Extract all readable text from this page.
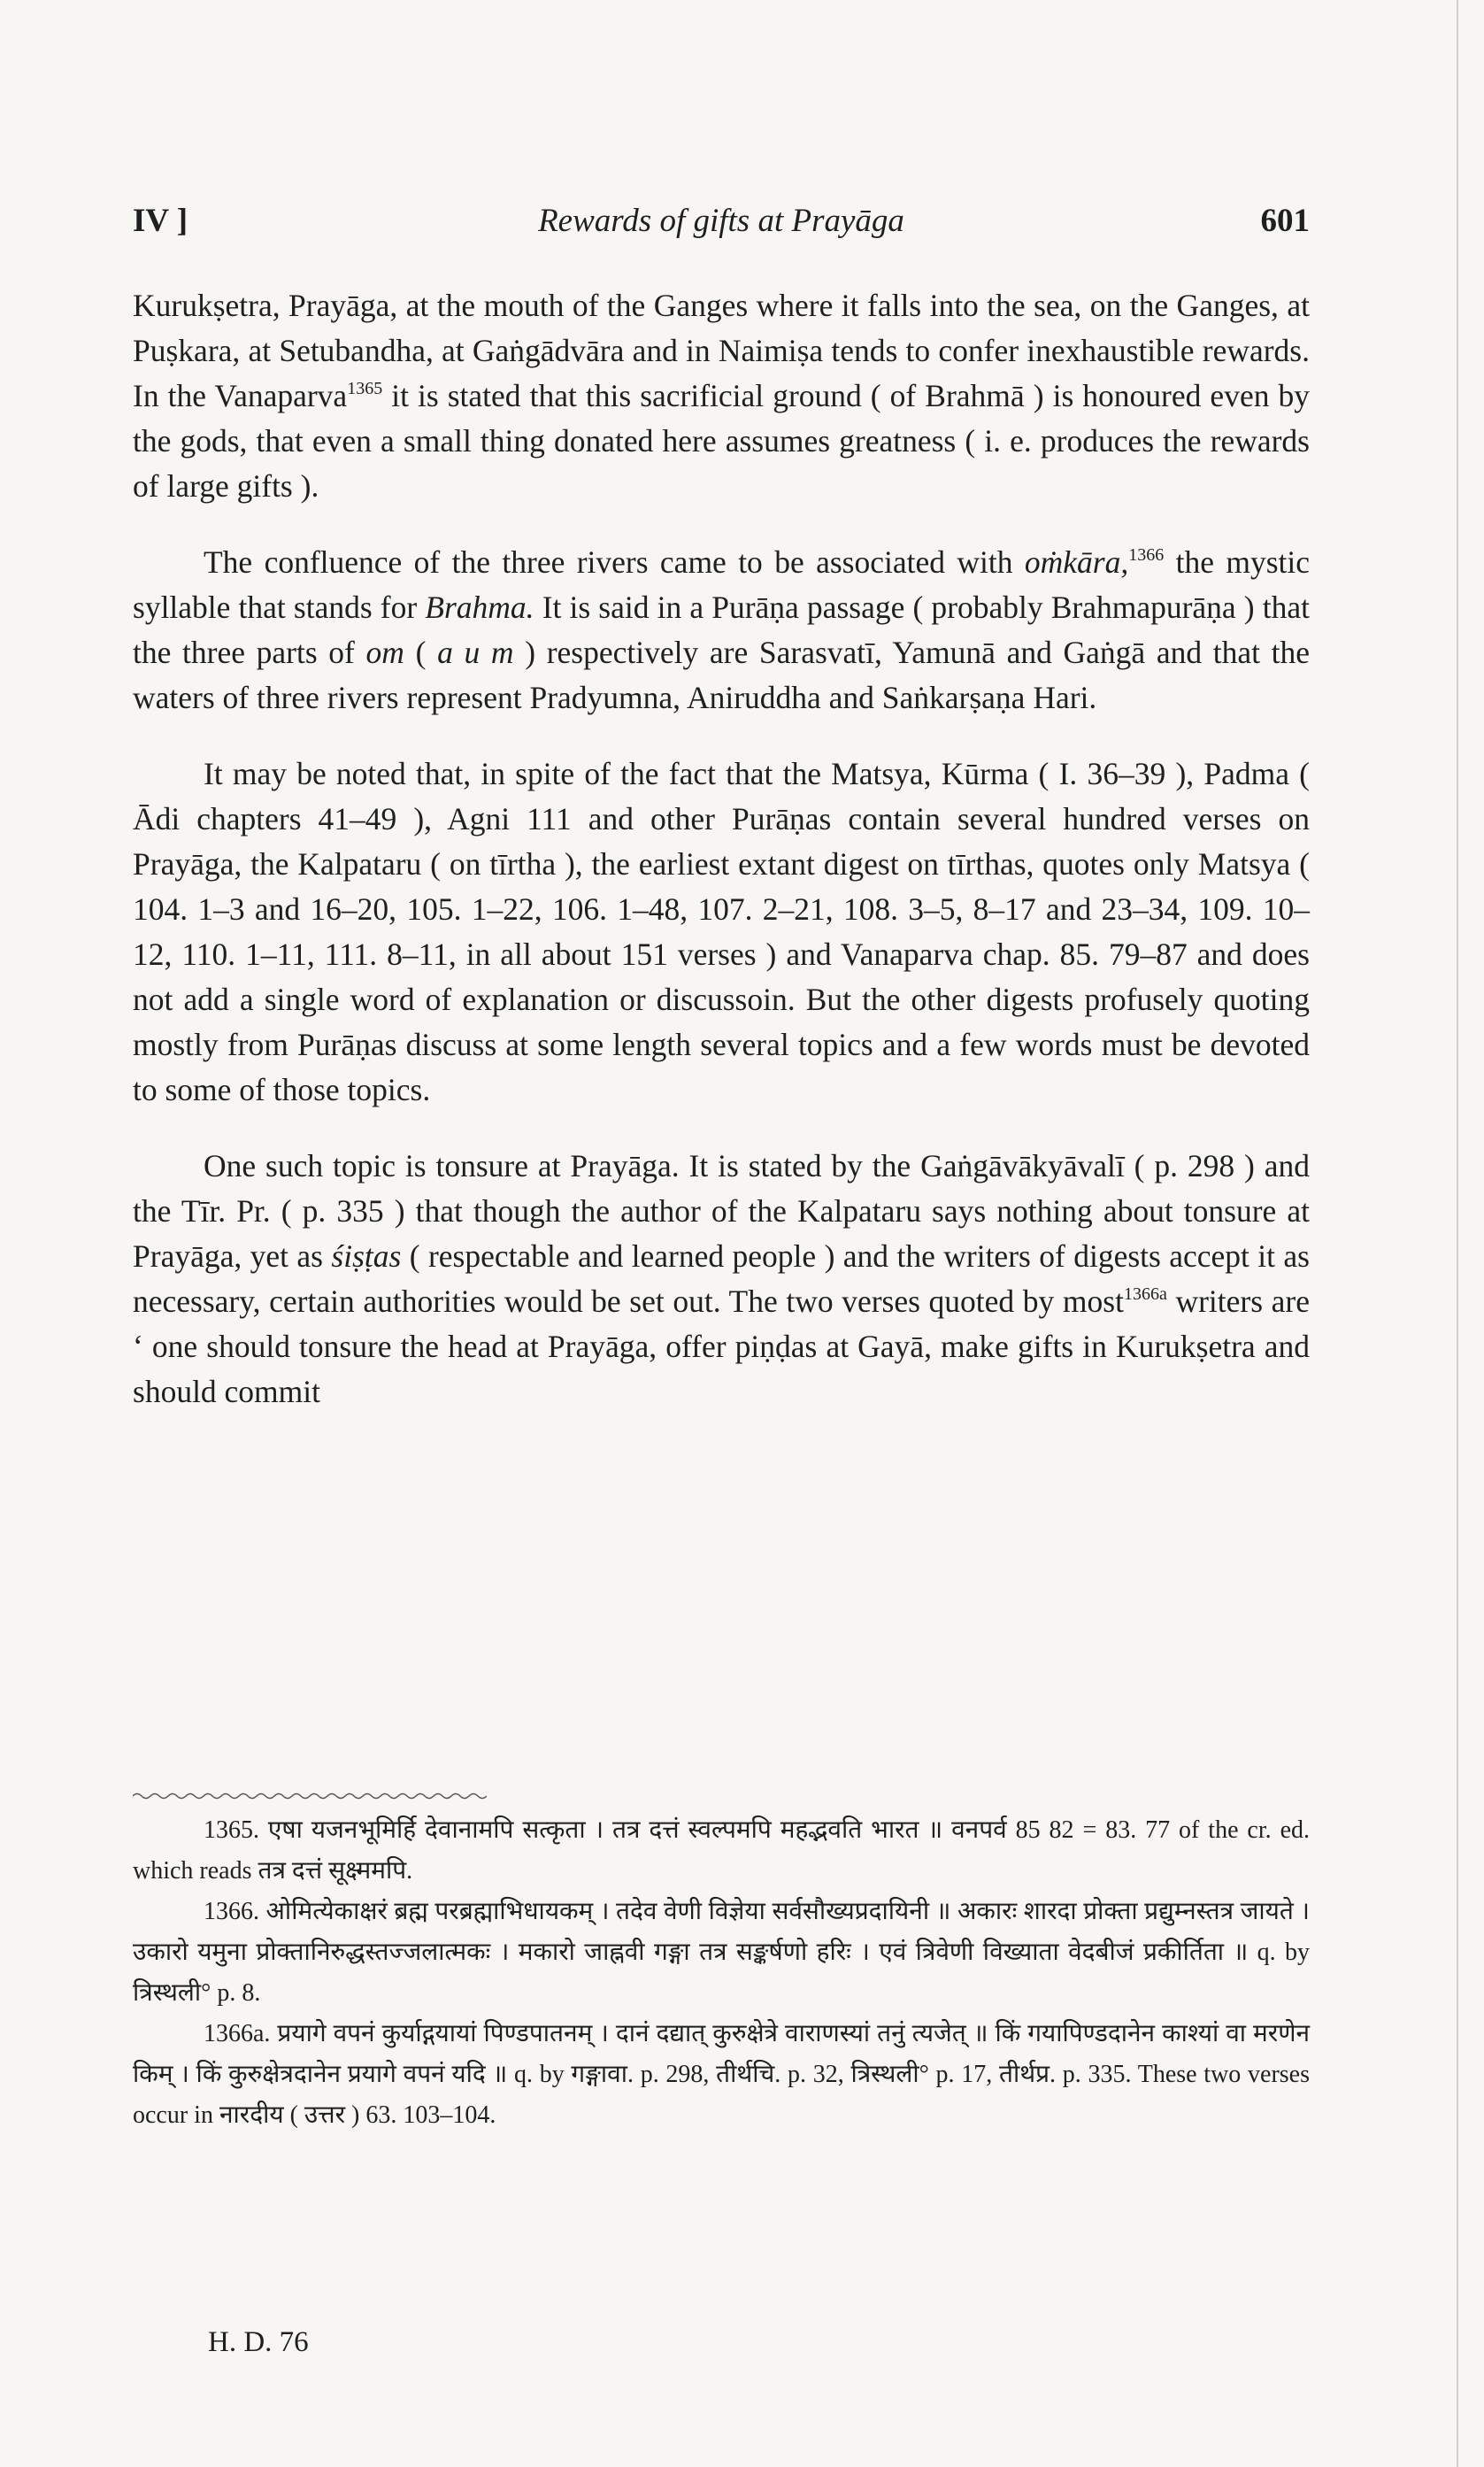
IV ]	Rewards of gifts at Prayāga	601

Kurukṣetra, Prayāga, at the mouth of the Ganges where it falls into the sea, on the Ganges, at Puṣkara, at Setubandha, at Gaṅgādvāra and in Naimiṣa tends to confer inexhaustible rewards. In the Vanaparva$^{1365}$ it is stated that this sacrificial ground ( of Brahmā ) is honoured even by the gods, that even a small thing donated here assumes greatness ( i. e. produces the rewards of large gifts ).

The confluence of the three rivers came to be associated with oṁkāra,$^{1366}$ the mystic syllable that stands for Brahma. It is said in a Purāṇa passage ( probably Brahmapurāṇa ) that the three parts of om ( a u m ) respectively are Sarasvatī, Yamunā and Gaṅgā and that the waters of three rivers represent Pradyumna, Aniruddha and Saṅkarṣaṇa Hari.

It may be noted that, in spite of the fact that the Matsya, Kūrma ( I. 36–39 ), Padma ( Ādi chapters 41–49 ), Agni 111 and other Purāṇas contain several hundred verses on Prayāga, the Kalpataru ( on tīrtha ), the earliest extant digest on tīrthas, quotes only Matsya ( 104. 1–3 and 16–20, 105. 1–22, 106. 1–48, 107. 2–21, 108. 3–5, 8–17 and 23–34, 109. 10–12, 110. 1–11, 111. 8–11, in all about 151 verses ) and Vanaparva chap. 85. 79–87 and does not add a single word of explanation or discussoin. But the other digests profusely quoting mostly from Purāṇas discuss at some length several topics and a few words must be devoted to some of those topics.

One such topic is tonsure at Prayāga. It is stated by the Gaṅgāvākyāvalī ( p. 298 ) and the Tīr. Pr. ( p. 335 ) that though the author of the Kalpataru says nothing about tonsure at Prayāga, yet as śiṣṭas ( respectable and learned people ) and the writers of digests accept it as necessary, certain authorities would be set out. The two verses quoted by most$^{1366a}$ writers are ‘ one should tonsure the head at Prayāga, offer piṇḍas at Gayā, make gifts in Kurukṣetra and should commit

1365. एषा यजनभूमिर्हि देवानामपि सत्कृता । तत्र दत्तं स्वल्पमपि महद्भवति भारत ॥ वनपर्व 85 82 = 83. 77 of the cr. ed. which reads तत्र दत्तं सूक्ष्ममपि.

1366. ओमित्येकाक्षरं ब्रह्म परब्रह्माभिधायकम् । तदेव वेणी विज्ञेया सर्वसौख्यप्रदायिनी ॥ अकारः शारदा प्रोक्ता प्रद्युम्नस्तत्र जायते । उकारो यमुना प्रोक्तानिरुद्धस्तज्जलात्मकः । मकारो जाह्नवी गङ्गा तत्र सङ्कर्षणो हरिः । एवं त्रिवेणी विख्याता वेदबीजं प्रकीर्तिता ॥ q. by त्रिस्थली° p. 8.

1366a. प्रयागे वपनं कुर्याद्गयायां पिण्डपातनम् । दानं दद्यात् कुरुक्षेत्रे वाराणस्यां तनुं त्यजेत् ॥ किं गयापिण्डदानेन काश्यां वा मरणेन किम् । किं कुरुक्षेत्रदानेन प्रयागे वपनं यदि ॥ q. by गङ्गावा. p. 298, तीर्थचि. p. 32, त्रिस्थली° p. 17, तीर्थप्र. p. 335. These two verses occur in नारदीय ( उत्तर ) 63. 103–104.

H. D. 76
